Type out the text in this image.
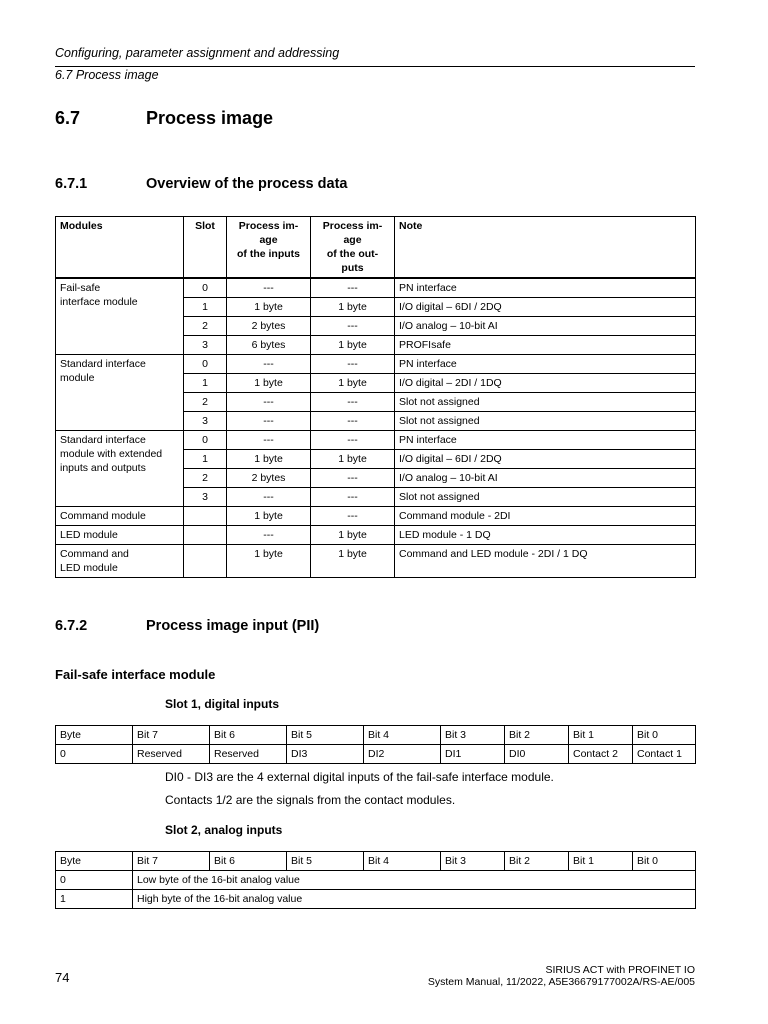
Configuring, parameter assignment and addressing
6.7 Process image
6.7	Process image
6.7.1	Overview of the process data
Modules	Slot	Process im-
age
of the inputs	Process im-
age
of the out-
puts	Note
Fail-safe
interface module	0	---	---	PN interface
	1	1 byte	1 byte	I/O digital – 6DI / 2DQ
	2	2 bytes	---	I/O analog – 10-bit AI
	3	6 bytes	1 byte	PROFIsafe
Standard interface
module	0	---	---	PN interface
	1	1 byte	1 byte	I/O digital – 2DI / 1DQ
	2	---	---	Slot not assigned
	3	---	---	Slot not assigned
Standard interface
module with extended
inputs and outputs	0	---	---	PN interface
	1	1 byte	1 byte	I/O digital – 6DI / 2DQ
	2	2 bytes	---	I/O analog – 10-bit AI
	3	---	---	Slot not assigned
Command module		1 byte	---	Command module - 2DI
LED module		---	1 byte	LED module - 1 DQ
Command and
LED module		1 byte	1 byte	Command and LED module - 2DI / 1 DQ
6.7.2	Process image input (PII)
Fail-safe interface module
Slot 1, digital inputs
Byte	Bit 7	Bit 6	Bit 5	Bit 4	Bit 3	Bit 2	Bit 1	Bit 0
0	Reserved	Reserved	DI3	DI2	DI1	DI0	Contact 2	Contact 1
DI0 - DI3 are the 4 external digital inputs of the fail-safe interface module.
Contacts 1/2 are the signals from the contact modules.
Slot 2, analog inputs
Byte	Bit 7	Bit 6	Bit 5	Bit 4	Bit 3	Bit 2	Bit 1	Bit 0
0	Low byte of the 16-bit analog value							
1	High byte of the 16-bit analog value							
74	SIRIUS ACT with PROFINET IO
System Manual, 11/2022, A5E36679177002A/RS-AE/005
